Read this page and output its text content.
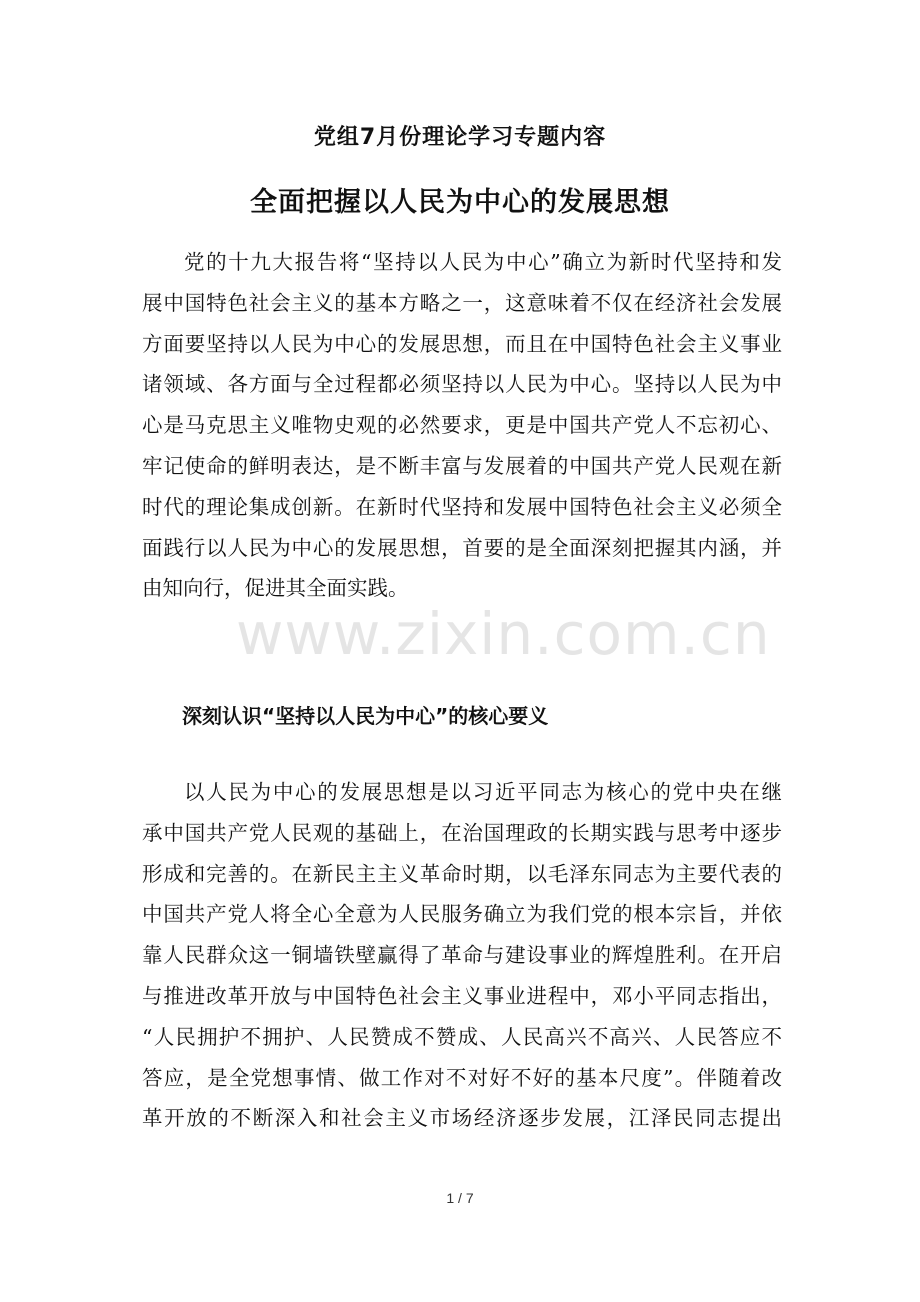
党组7月份理论学习专题内容
全面把握以人民为中心的发展思想
党的十九大报告将“坚持以人民为中心”确立为新时代坚持和发
展中国特色社会主义的基本方略之一，这意味着不仅在经济社会发展
方面要坚持以人民为中心的发展思想，而且在中国特色社会主义事业
诸领域、各方面与全过程都必须坚持以人民为中心。坚持以人民为中
心是马克思主义唯物史观的必然要求，更是中国共产党人不忘初心、
牢记使命的鲜明表达，是不断丰富与发展着的中国共产党人民观在新
时代的理论集成创新。在新时代坚持和发展中国特色社会主义必须全
面践行以人民为中心的发展思想，首要的是全面深刻把握其内涵，并
由知向行，促进其全面实践。
www.zixin.com.cn
深刻认识“坚持以人民为中心”的核心要义
以人民为中心的发展思想是以习近平同志为核心的党中央在继
承中国共产党人民观的基础上，在治国理政的长期实践与思考中逐步
形成和完善的。在新民主主义革命时期，以毛泽东同志为主要代表的
中国共产党人将全心全意为人民服务确立为我们党的根本宗旨，并依
靠人民群众这一铜墙铁壁赢得了革命与建设事业的辉煌胜利。在开启
与推进改革开放与中国特色社会主义事业进程中，邓小平同志指出，
“人民拥护不拥护、人民赞成不赞成、人民高兴不高兴、人民答应不
答应，是全党想事情、做工作对不对好不好的基本尺度”。伴随着改
革开放的不断深入和社会主义市场经济逐步发展，江泽民同志提出
1 / 7
